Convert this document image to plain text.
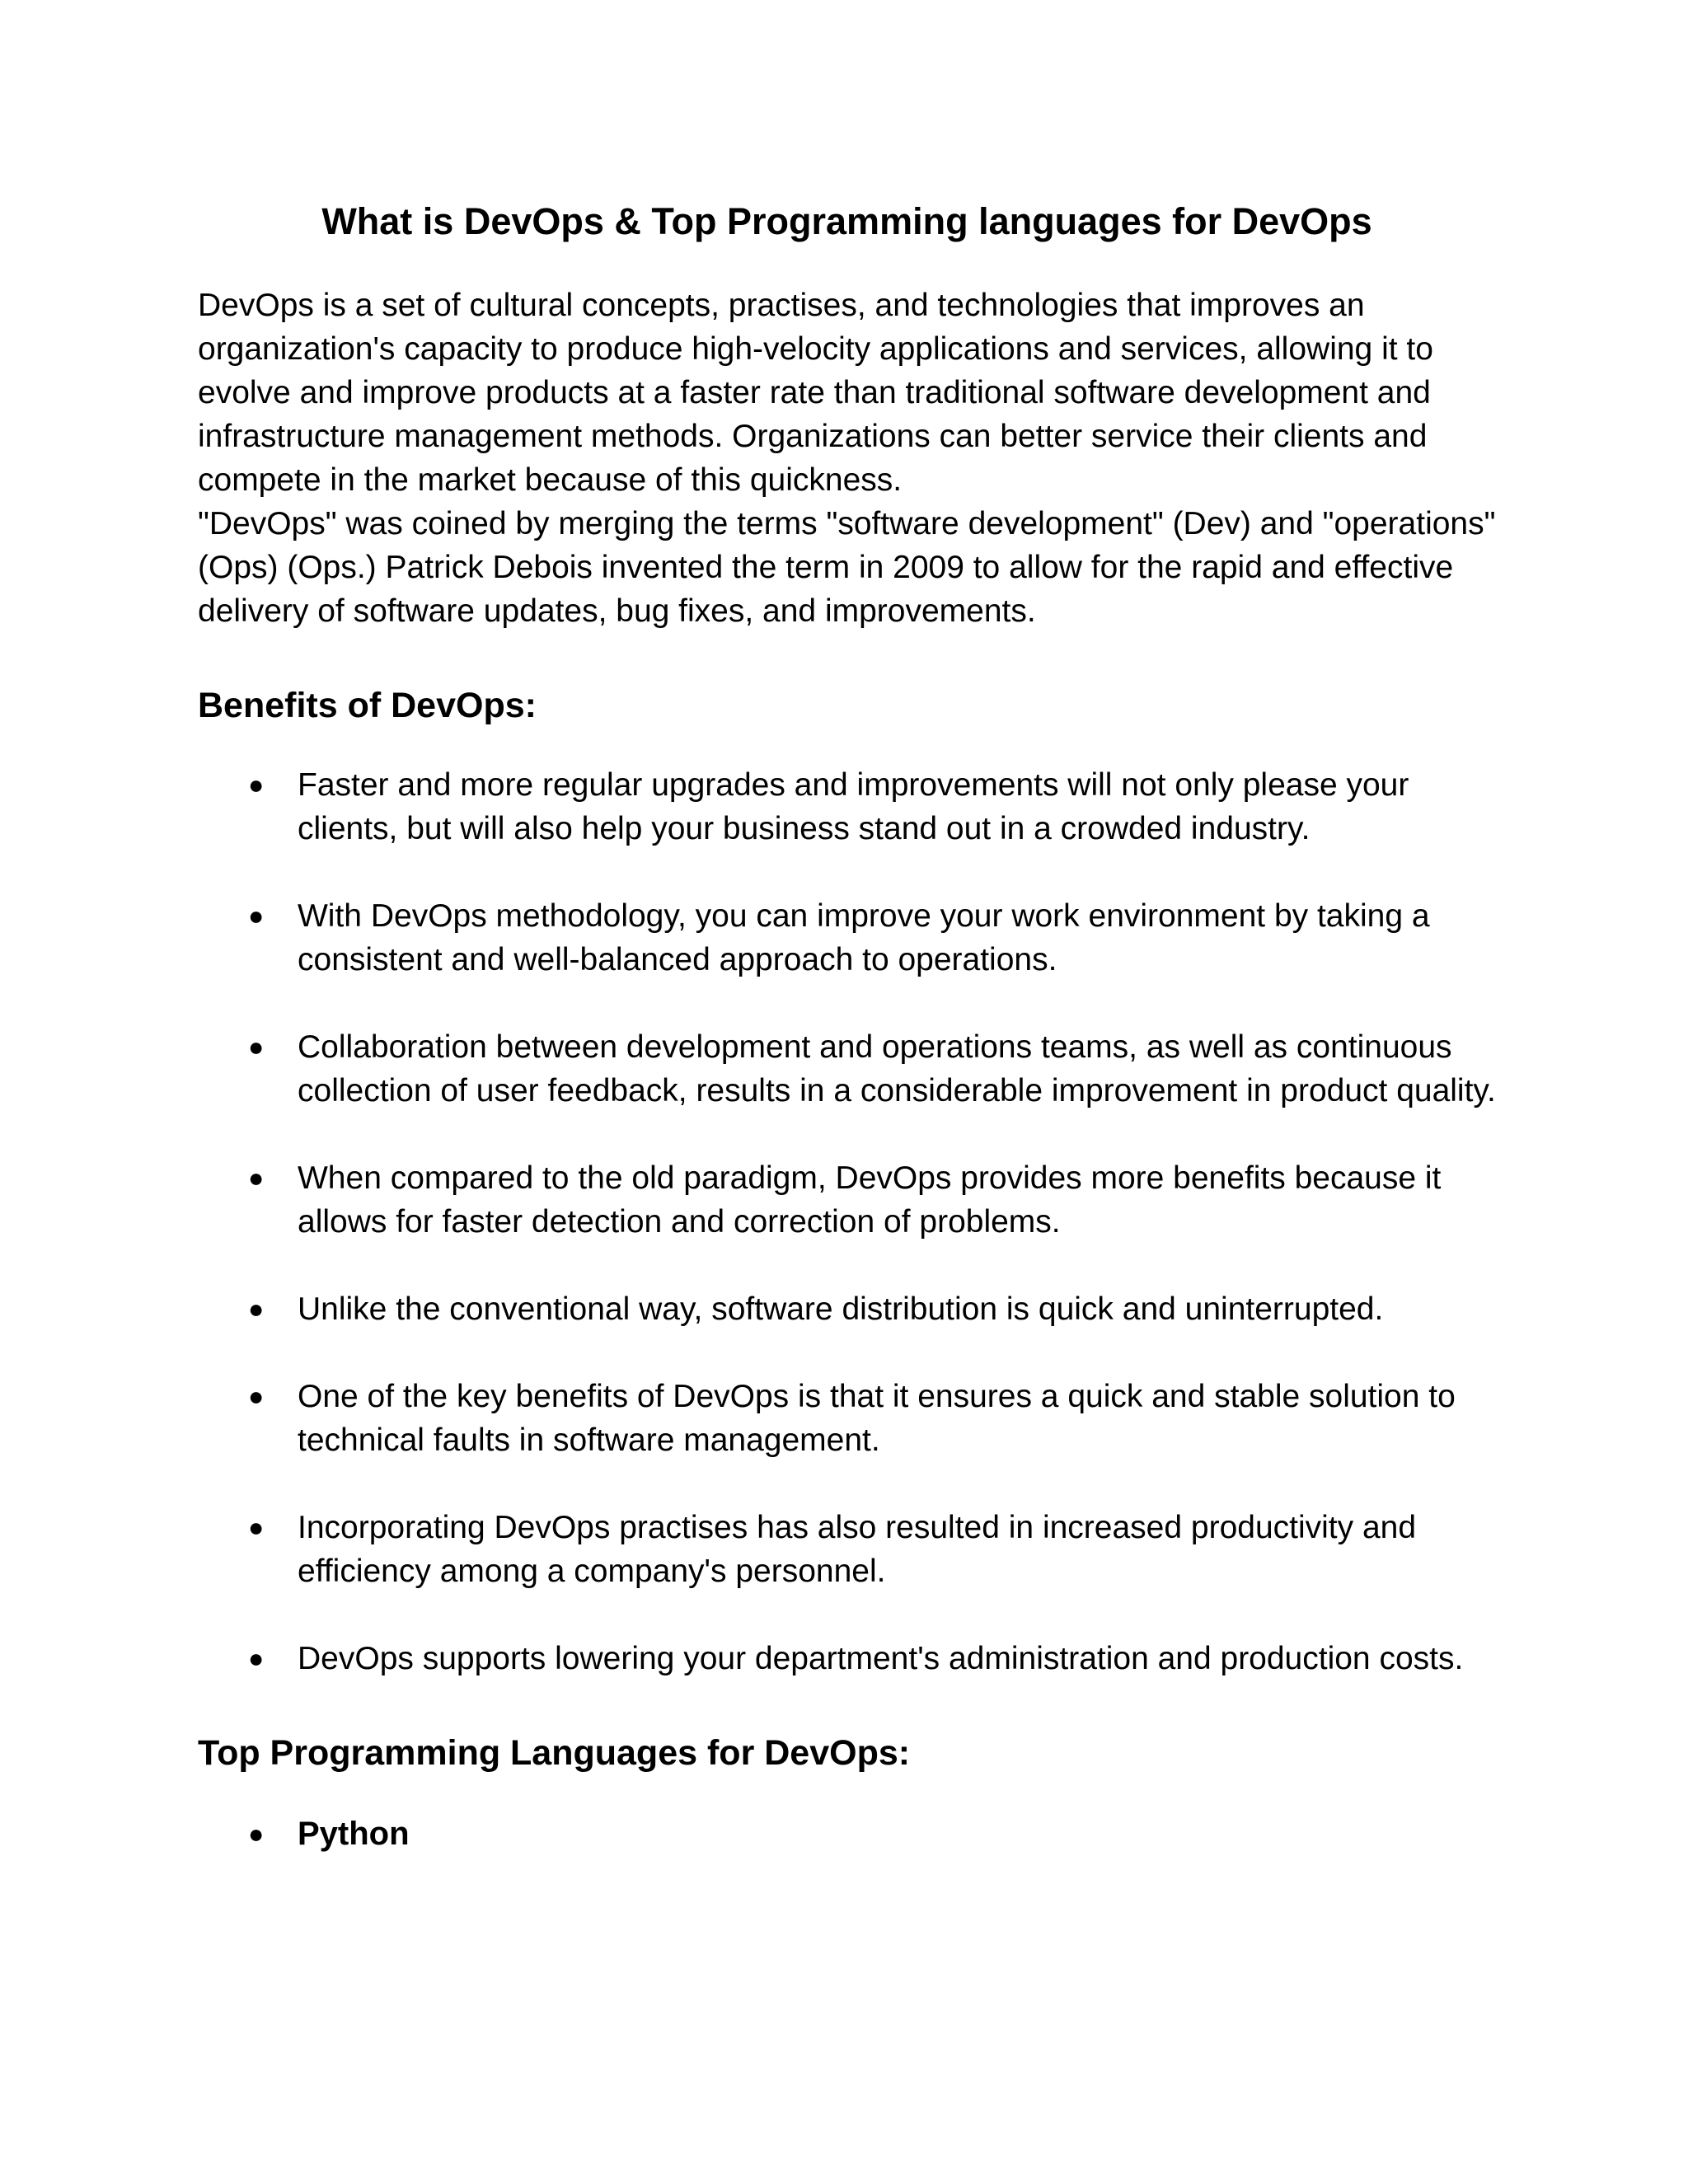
What is DevOps & Top Programming languages for DevOps

DevOps is a set of cultural concepts, practises, and technologies that improves an organization's capacity to produce high-velocity applications and services, allowing it to evolve and improve products at a faster rate than traditional software development and infrastructure management methods. Organizations can better service their clients and compete in the market because of this quickness.

"DevOps" was coined by merging the terms "software development" (Dev) and "operations" (Ops) (Ops.) Patrick Debois invented the term in 2009 to allow for the rapid and effective delivery of software updates, bug fixes, and improvements.

Benefits of DevOps:
● Faster and more regular upgrades and improvements will not only please your clients, but will also help your business stand out in a crowded industry.
● With DevOps methodology, you can improve your work environment by taking a consistent and well-balanced approach to operations.
● Collaboration between development and operations teams, as well as continuous collection of user feedback, results in a considerable improvement in product quality.
● When compared to the old paradigm, DevOps provides more benefits because it allows for faster detection and correction of problems.
● Unlike the conventional way, software distribution is quick and uninterrupted.
● One of the key benefits of DevOps is that it ensures a quick and stable solution to technical faults in software management.
● Incorporating DevOps practises has also resulted in increased productivity and efficiency among a company's personnel.
● DevOps supports lowering your department's administration and production costs.
Top Programming Languages for DevOps:
● Python
